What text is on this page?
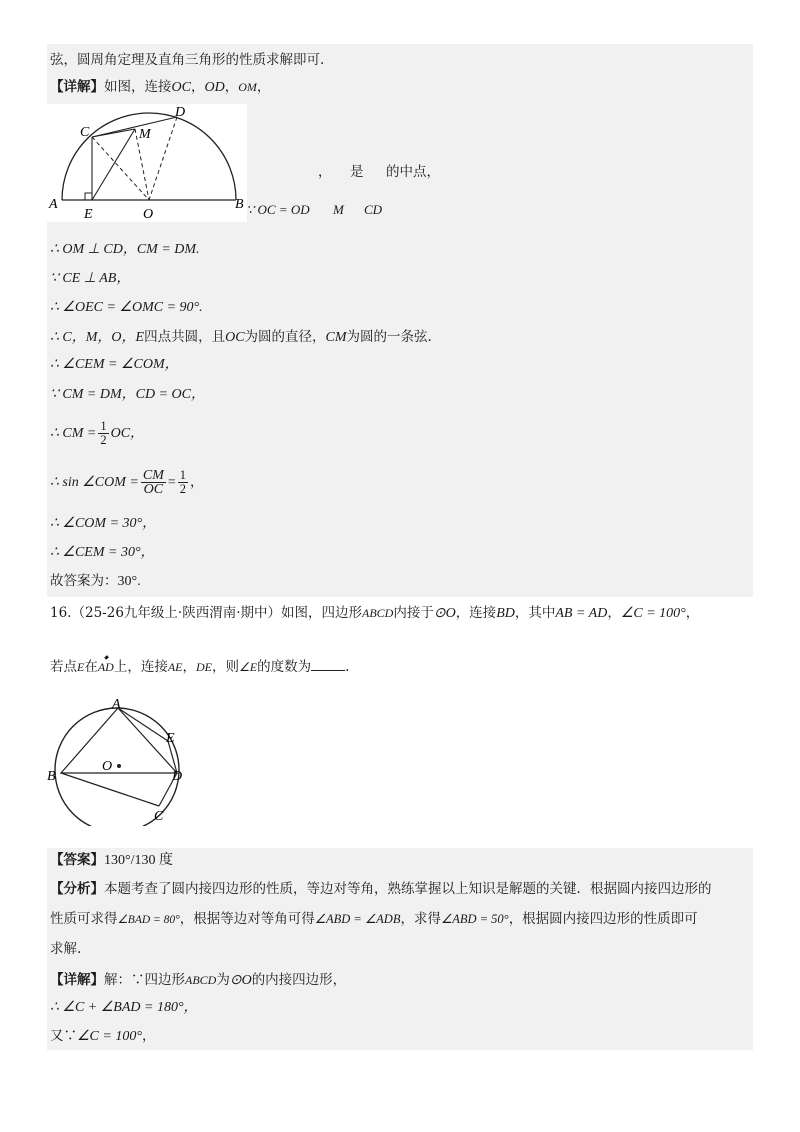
弦，圆周角定理及直角三角形的性质求解即可.
【详解】如图，连接OC，OD，OM，
A	B
C
D
E	O
M
， 是 的中点，
∵ OC = OD M CD
∴ OM ⊥ CD，CM = DM.
∵ CE ⊥ AB，
∴ ∠OEC = ∠OMC = 90°.
∴ C，M，O，E四点共圆，且OC为圆的直径，CM为圆的一条弦.
∴ ∠CEM = ∠COM，
∵ CM = DM，CD = OC，
∴ CM = $\frac{1}{2}$ OC，
∴ sin ∠COM = $\frac{CM}{OC} = \frac{1}{2}$ ，
∴ ∠COM = 30°，
∴ ∠CEM = 30°，
故答案为：30°.
16.（25-26九年级上·陕西渭南·期中）如图，四边形ABCD内接于⊙O，连接BD，其中AB = AD，∠C = 100°，
若点E在◆ AD上，连接AE，DE，则∠E的度数为	.
A
B
C
D
E
O
【答案】130°/130 度
【分析】本题考查了圆内接四边形的性质，等边对等角，熟练掌握以上知识是解题的关键．根据圆内接四边形的
性质可求得∠BAD = 80°，根据等边对等角可得∠ABD = ∠ADB，求得∠ABD = 50°，根据圆内接四边形的性质即可
求解.
【详解】解：∵四边形ABCD为⊙O的内接四边形，
∴ ∠C + ∠BAD = 180°，
又∵∠C = 100°，
